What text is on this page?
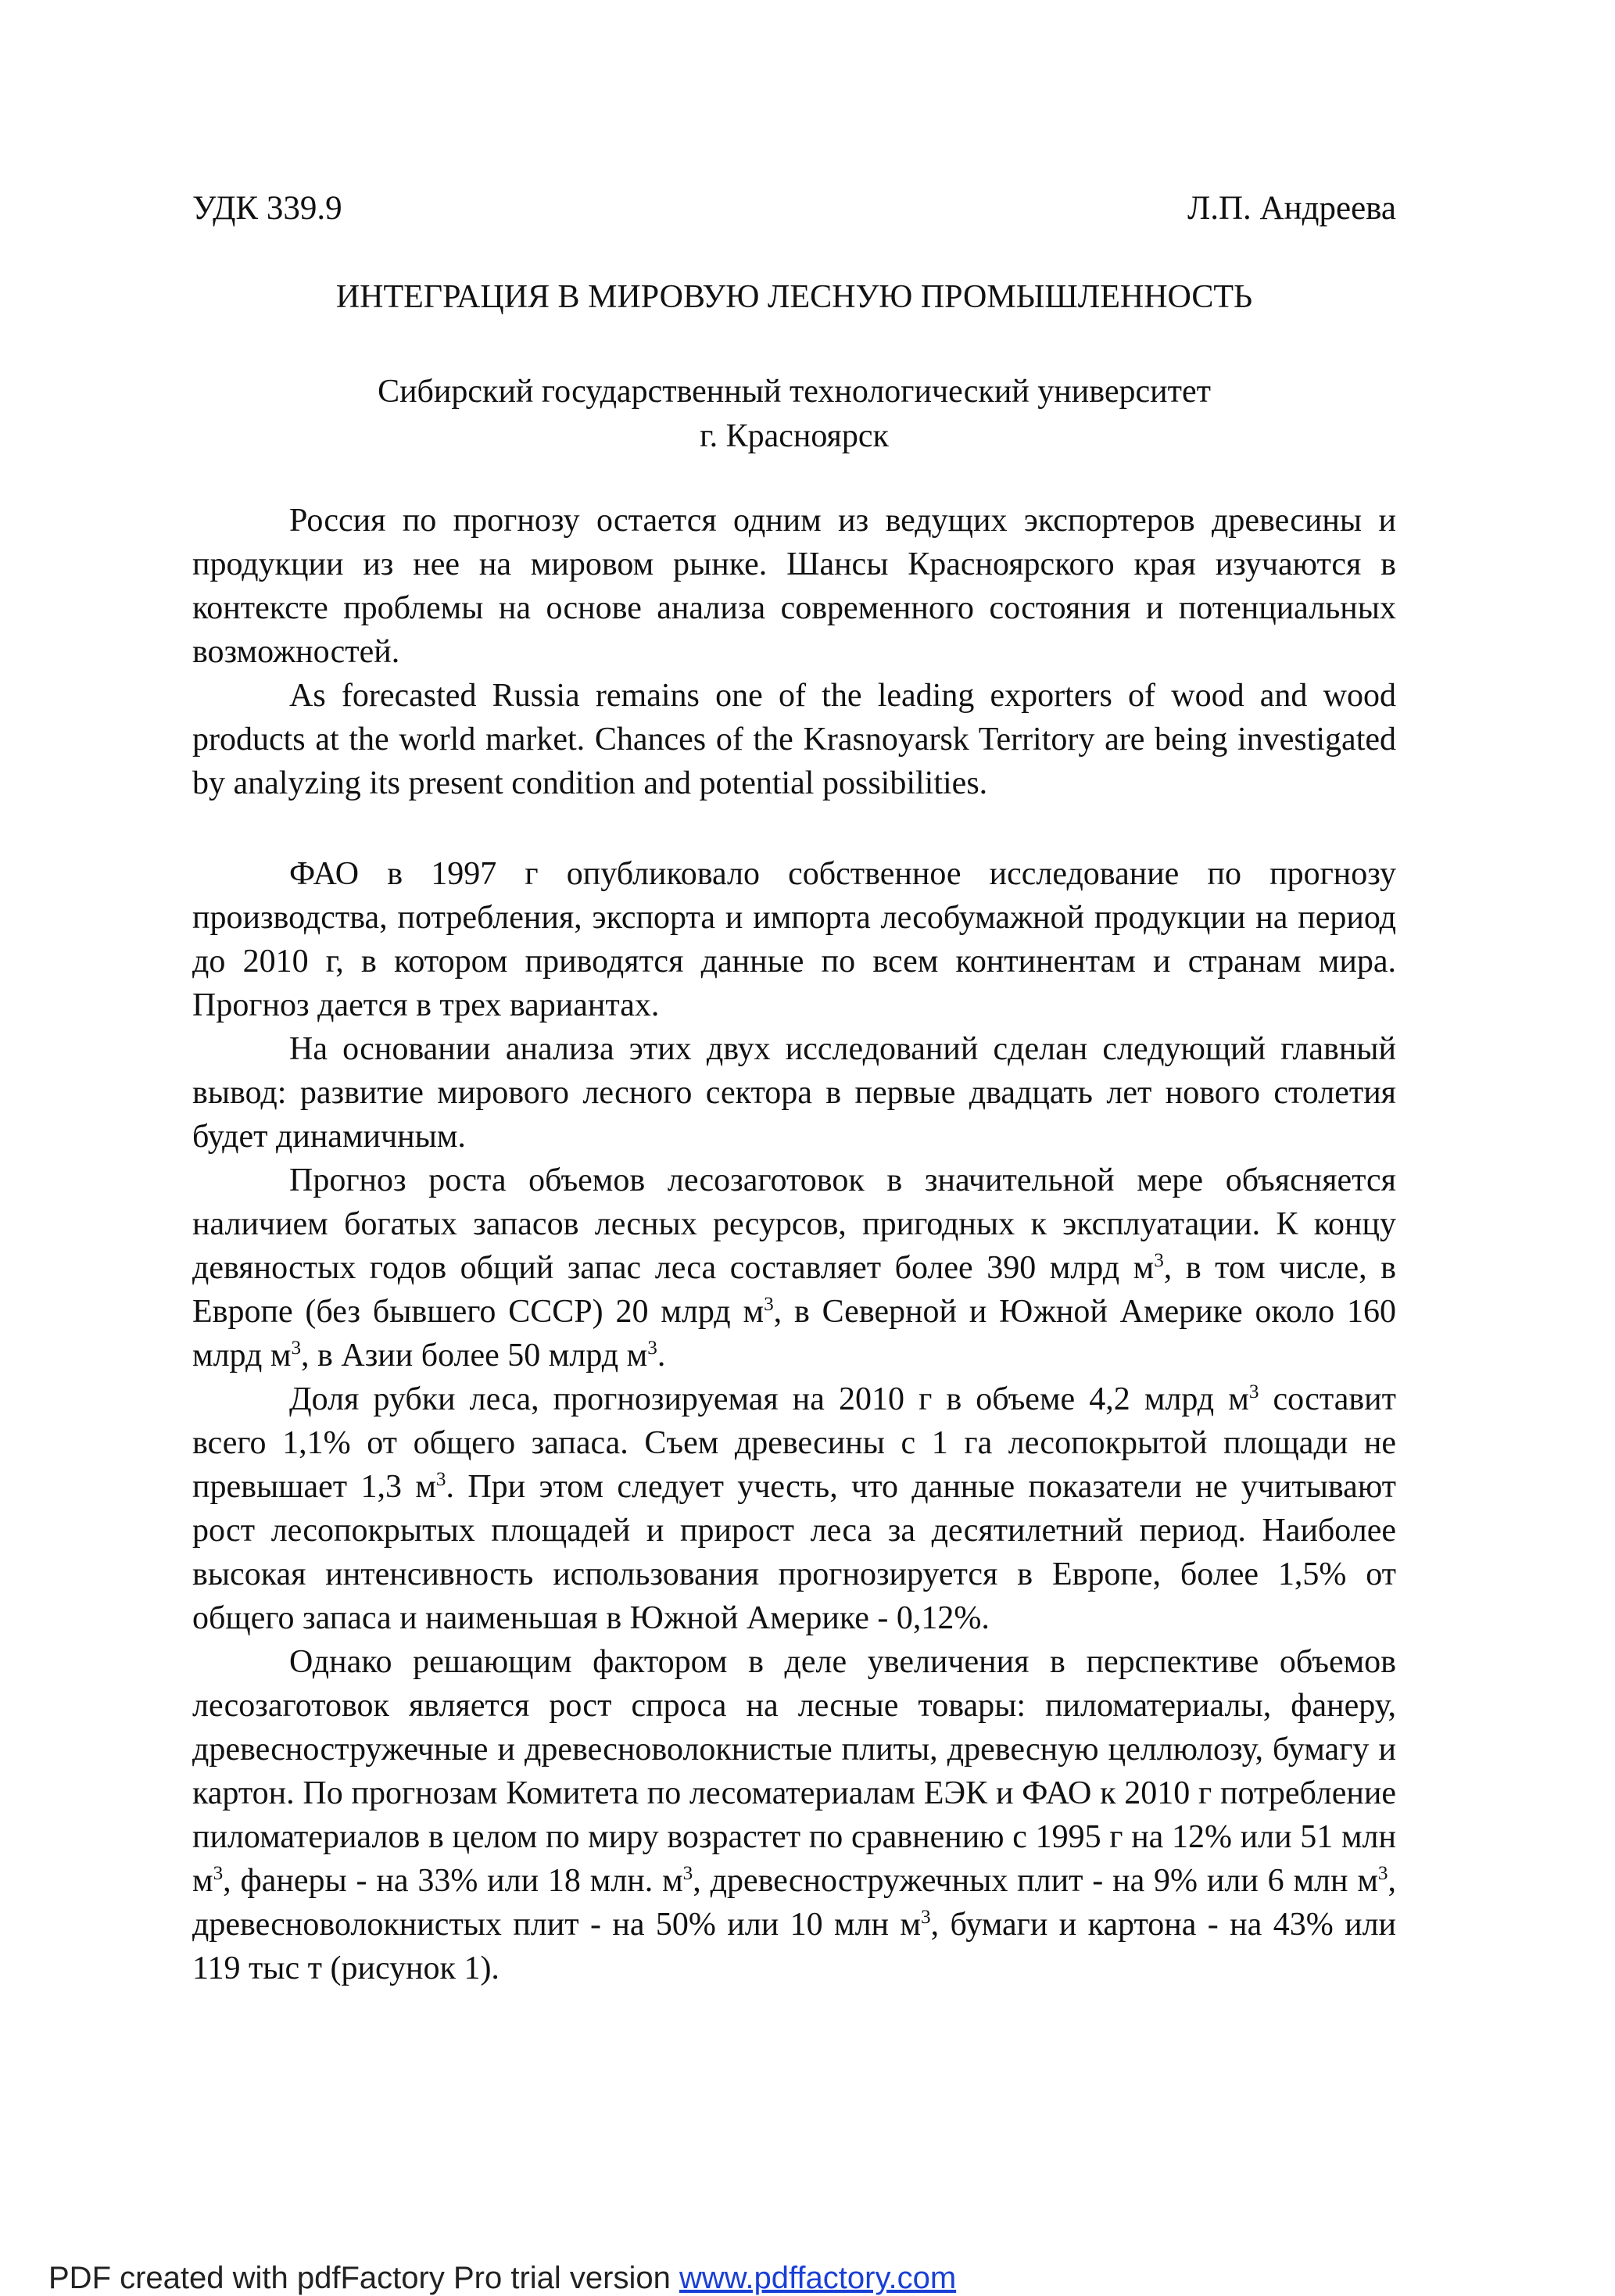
УДК 339.9	Л.П. Андреева
ИНТЕГРАЦИЯ В МИРОВУЮ ЛЕСНУЮ ПРОМЫШЛЕННОСТЬ
Сибирский государственный технологический университет
г. Красноярск

Россия по прогнозу остается одним из ведущих экспортеров древесины и продукции из нее на мировом рынке. Шансы Красноярского края изучаются в контексте проблемы на основе анализа современного состояния и потенциальных возможностей.

As forecasted Russia remains one of the leading exporters of wood and wood products at the world market. Chances of the Krasnoyarsk Territory are being investigated by analyzing its present condition and potential possibilities.

ФАО в 1997 г опубликовало собственное исследование по прогнозу производства, потребления, экспорта и импорта лесобумажной продукции на период до 2010 г, в котором приводятся данные по всем континентам и странам мира. Прогноз дается в трех вариантах.

На основании анализа этих двух исследований сделан следующий главный вывод: развитие мирового лесного сектора в первые двадцать лет нового столетия будет динамичным.

Прогноз роста объемов лесозаготовок в значительной мере объясняется наличием богатых запасов лесных ресурсов, пригодных к эксплуатации. К концу девяностых годов общий запас леса составляет более 390 млрд $м^3$, в том числе, в Европе (без бывшего СССР) 20 млрд $м^3$, в Северной и Южной Америке около 160 млрд $м^3$, в Азии более 50 млрд $м^3$.

Доля рубки леса, прогнозируемая на 2010 г в объеме 4,2 млрд $м^3$ составит всего 1,1% от общего запаса. Съем древесины с 1 га лесопокрытой площади не превышает 1,3 $м^3$. При этом следует учесть, что данные показатели не учитывают рост лесопокрытых площадей и прирост леса за десятилетний период. Наиболее высокая интенсивность использования прогнозируется в Европе, более 1,5% от общего запаса и наименьшая в Южной Америке - 0,12%.

Однако решающим фактором в деле увеличения в перспективе объемов лесозаготовок является рост спроса на лесные товары: пиломатериалы, фанеру, древесностружечные и древесноволокнистые плиты, древесную целлюлозу, бумагу и картон. По прогнозам Комитета по лесоматериалам ЕЭК и ФАО к 2010 г потребление пиломатериалов в целом по миру возрастет по сравнению с 1995 г на 12% или 51 млн $м^3$, фанеры - на 33% или 18 млн. $м^3$, древесностружечных плит - на 9% или 6 млн $м^3$, древесноволокнистых плит - на 50% или 10 млн $м^3$, бумаги и картона - на 43% или 119 тыс т (рисунок 1).

PDF created with pdfFactory Pro trial version www.pdffactory.com
